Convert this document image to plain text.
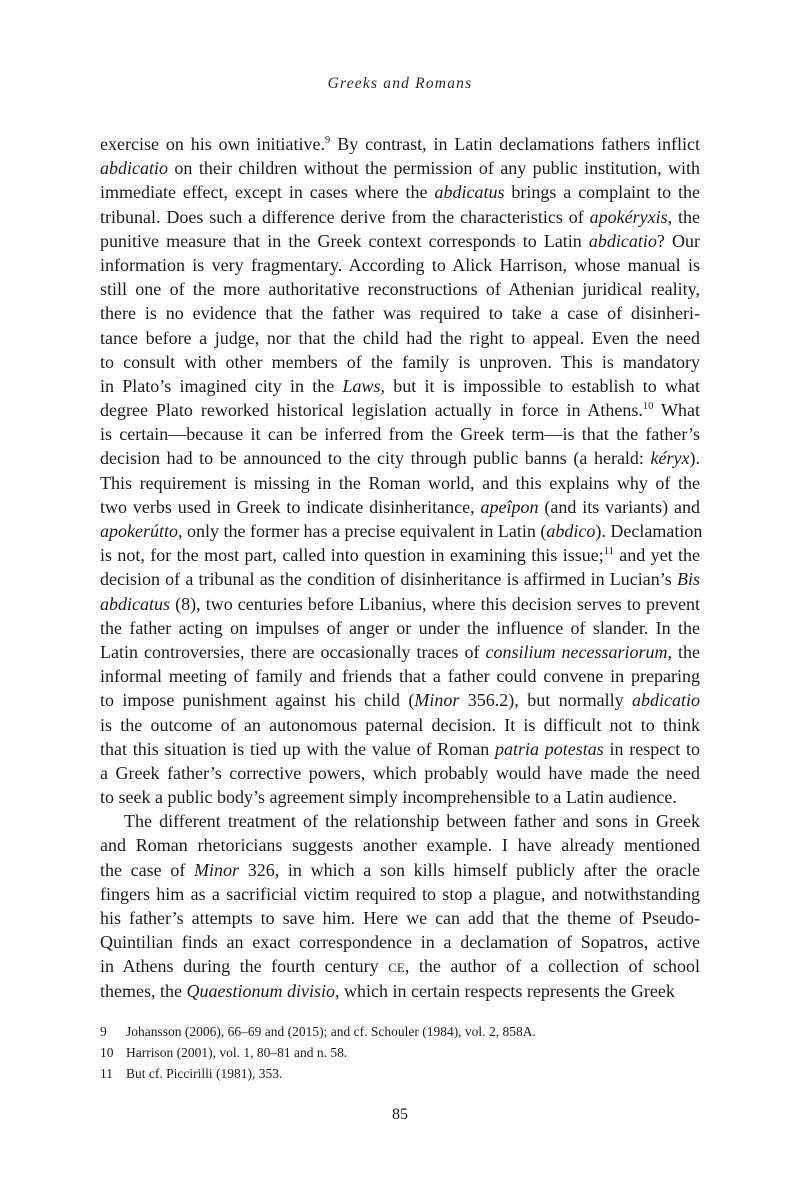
Greeks and Romans
exercise on his own initiative.$^9$ By contrast, in Latin declamations fathers inflict
abdicatio on their children without the permission of any public institution, with
immediate effect, except in cases where the abdicatus brings a complaint to the
tribunal. Does such a difference derive from the characteristics of apokéryxis, the
punitive measure that in the Greek context corresponds to Latin abdicatio? Our
information is very fragmentary. According to Alick Harrison, whose manual is
still one of the more authoritative reconstructions of Athenian juridical reality,
there is no evidence that the father was required to take a case of disinheri-
tance before a judge, nor that the child had the right to appeal. Even the need
to consult with other members of the family is unproven. This is mandatory
in Plato’s imagined city in the Laws, but it is impossible to establish to what
degree Plato reworked historical legislation actually in force in Athens.$^{10}$ What
is certain—because it can be inferred from the Greek term—is that the father’s
decision had to be announced to the city through public banns (a herald: kéryx).
This requirement is missing in the Roman world, and this explains why of the
two verbs used in Greek to indicate disinheritance, apeîpon (and its variants) and
apokerútto, only the former has a precise equivalent in Latin (abdico). Declamation
is not, for the most part, called into question in examining this issue;$^{11}$ and yet the
decision of a tribunal as the condition of disinheritance is affirmed in Lucian’s Bis
abdicatus (8), two centuries before Libanius, where this decision serves to prevent
the father acting on impulses of anger or under the influence of slander. In the
Latin controversies, there are occasionally traces of consilium necessariorum, the
informal meeting of family and friends that a father could convene in preparing
to impose punishment against his child (Minor 356.2), but normally abdicatio
is the outcome of an autonomous paternal decision. It is difficult not to think
that this situation is tied up with the value of Roman patria potestas in respect to
a Greek father’s corrective powers, which probably would have made the need
to seek a public body’s agreement simply incomprehensible to a Latin audience.
The different treatment of the relationship between father and sons in Greek
and Roman rhetoricians suggests another example. I have already mentioned
the case of Minor 326, in which a son kills himself publicly after the oracle
fingers him as a sacrificial victim required to stop a plague, and notwithstanding
his father’s attempts to save him. Here we can add that the theme of Pseudo-
Quintilian finds an exact correspondence in a declamation of Sopatros, active
in Athens during the fourth century ce, the author of a collection of school
themes, the Quaestionum divisio, which in certain respects represents the Greek
9	Johansson (2006), 66–69 and (2015); and cf. Schouler (1984), vol. 2, 858A.
10 Harrison (2001), vol. 1, 80–81 and n. 58.
11 But cf. Piccirilli (1981), 353.
85
